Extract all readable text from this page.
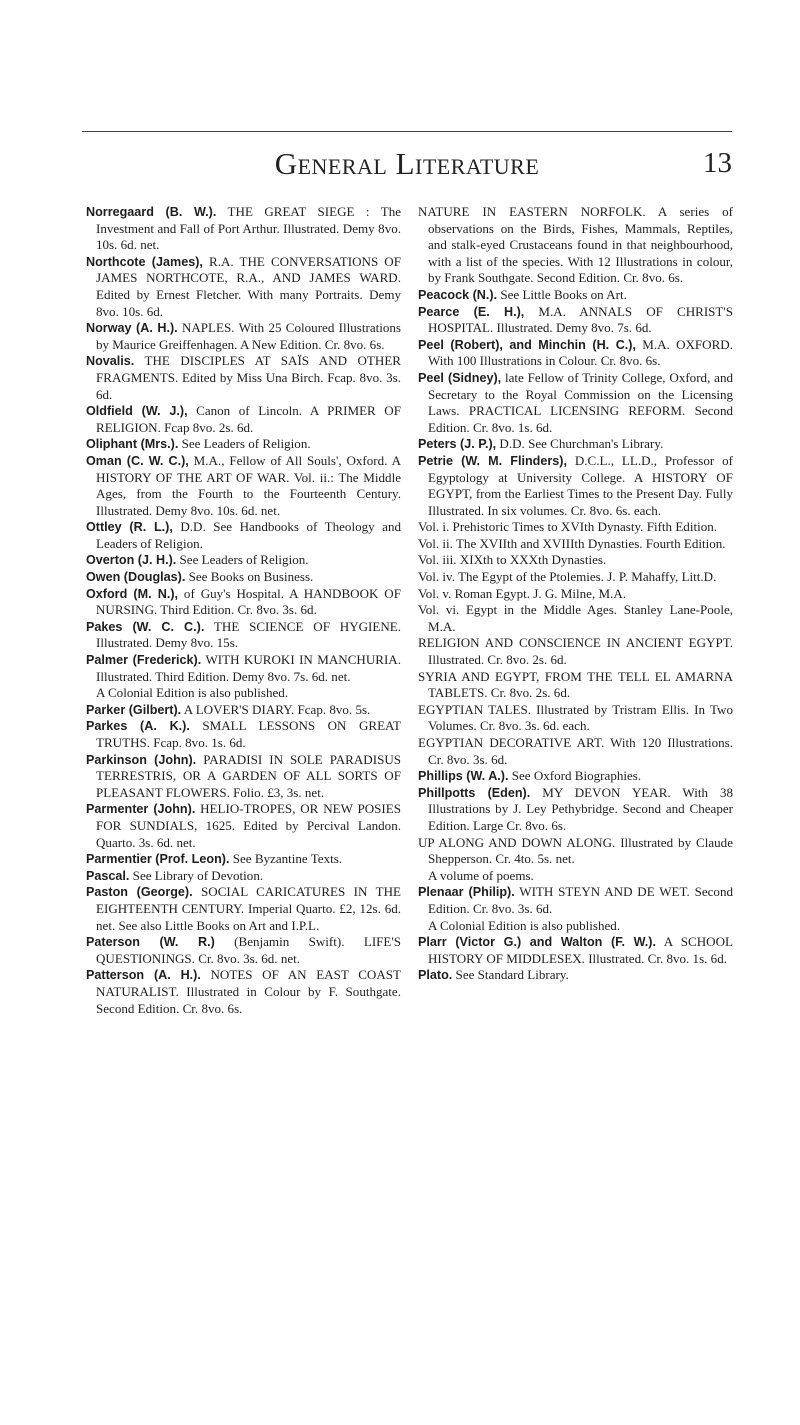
General Literature	13

Norregaard (B. W.). THE GREAT SIEGE : The Investment and Fall of Port Arthur. Illustrated. Demy 8vo. 10s. 6d. net.

Northcote (James), R.A. THE CONVERSATIONS OF JAMES NORTHCOTE, R.A., AND JAMES WARD. Edited by Ernest Fletcher. With many Portraits. Demy 8vo. 10s. 6d.

Norway (A. H.). NAPLES. With 25 Coloured Illustrations by Maurice Greiffenhagen. A New Edition. Cr. 8vo. 6s.

Novalis. THE DISCIPLES AT SAÏS AND OTHER FRAGMENTS. Edited by Miss Una Birch. Fcap. 8vo. 3s. 6d.

Oldfield (W. J.), Canon of Lincoln. A PRIMER OF RELIGION. Fcap 8vo. 2s. 6d.

Oliphant (Mrs.). See Leaders of Religion.

Oman (C. W. C.), M.A., Fellow of All Souls', Oxford. A HISTORY OF THE ART OF WAR. Vol. ii.: The Middle Ages, from the Fourth to the Fourteenth Century. Illustrated. Demy 8vo. 10s. 6d. net.

Ottley (R. L.), D.D. See Handbooks of Theology and Leaders of Religion.

Overton (J. H.). See Leaders of Religion.

Owen (Douglas). See Books on Business.

Oxford (M. N.), of Guy's Hospital. A HANDBOOK OF NURSING. Third Edition. Cr. 8vo. 3s. 6d.

Pakes (W. C. C.). THE SCIENCE OF HYGIENE. Illustrated. Demy 8vo. 15s.

Palmer (Frederick). WITH KUROKI IN MANCHURIA. Illustrated. Third Edition. Demy 8vo. 7s. 6d. net.

A Colonial Edition is also published.

Parker (Gilbert). A LOVER'S DIARY. Fcap. 8vo. 5s.

Parkes (A. K.). SMALL LESSONS ON GREAT TRUTHS. Fcap. 8vo. 1s. 6d.

Parkinson (John). PARADISI IN SOLE PARADISUS TERRESTRIS, OR A GARDEN OF ALL SORTS OF PLEASANT FLOWERS. Folio. £3, 3s. net.

Parmenter (John). HELIO-TROPES, OR NEW POSIES FOR SUNDIALS, 1625. Edited by Percival Landon. Quarto. 3s. 6d. net.

Parmentier (Prof. Leon). See Byzantine Texts.

Pascal. See Library of Devotion.

Paston (George). SOCIAL CARICATURES IN THE EIGHTEENTH CENTURY. Imperial Quarto. £2, 12s. 6d. net. See also Little Books on Art and I.P.L.

Paterson (W. R.) (Benjamin Swift). LIFE'S QUESTIONINGS. Cr. 8vo. 3s. 6d. net.

Patterson (A. H.). NOTES OF AN EAST COAST NATURALIST. Illustrated in Colour by F. Southgate. Second Edition. Cr. 8vo. 6s.

NATURE IN EASTERN NORFOLK. A series of observations on the Birds, Fishes, Mammals, Reptiles, and stalk-eyed Crustaceans found in that neighbourhood, with a list of the species. With 12 Illustrations in colour, by Frank Southgate. Second Edition. Cr. 8vo. 6s.

Peacock (N.). See Little Books on Art.

Pearce (E. H.), M.A. ANNALS OF CHRIST'S HOSPITAL. Illustrated. Demy 8vo. 7s. 6d.

Peel (Robert), and Minchin (H. C.), M.A. OXFORD. With 100 Illustrations in Colour. Cr. 8vo. 6s.

Peel (Sidney), late Fellow of Trinity College, Oxford, and Secretary to the Royal Commission on the Licensing Laws. PRACTICAL LICENSING REFORM. Second Edition. Cr. 8vo. 1s. 6d.

Peters (J. P.), D.D. See Churchman's Library.

Petrie (W. M. Flinders), D.C.L., LL.D., Professor of Egyptology at University College. A HISTORY OF EGYPT, from the Earliest Times to the Present Day. Fully Illustrated. In six volumes. Cr. 8vo. 6s. each.

Vol. i. Prehistoric Times to XVIth Dynasty. Fifth Edition.

Vol. ii. The XVIIth and XVIIIth Dynasties. Fourth Edition.

Vol. iii. XIXth to XXXth Dynasties.

Vol. iv. The Egypt of the Ptolemies. J. P. Mahaffy, Litt.D.

Vol. v. Roman Egypt. J. G. Milne, M.A.

Vol. vi. Egypt in the Middle Ages. Stanley Lane-Poole, M.A.

RELIGION AND CONSCIENCE IN ANCIENT EGYPT. Illustrated. Cr. 8vo. 2s. 6d.

SYRIA AND EGYPT, FROM THE TELL EL AMARNA TABLETS. Cr. 8vo. 2s. 6d.

EGYPTIAN TALES. Illustrated by Tristram Ellis. In Two Volumes. Cr. 8vo. 3s. 6d. each.

EGYPTIAN DECORATIVE ART. With 120 Illustrations. Cr. 8vo. 3s. 6d.

Phillips (W. A.). See Oxford Biographies.

Phillpotts (Eden). MY DEVON YEAR. With 38 Illustrations by J. Ley Pethybridge. Second and Cheaper Edition. Large Cr. 8vo. 6s.

UP ALONG AND DOWN ALONG. Illustrated by Claude Shepperson. Cr. 4to. 5s. net.

A volume of poems.

Plenaar (Philip). WITH STEYN AND DE WET. Second Edition. Cr. 8vo. 3s. 6d.

A Colonial Edition is also published.

Plarr (Victor G.) and Walton (F. W.). A SCHOOL HISTORY OF MIDDLESEX. Illustrated. Cr. 8vo. 1s. 6d.

Plato. See Standard Library.
